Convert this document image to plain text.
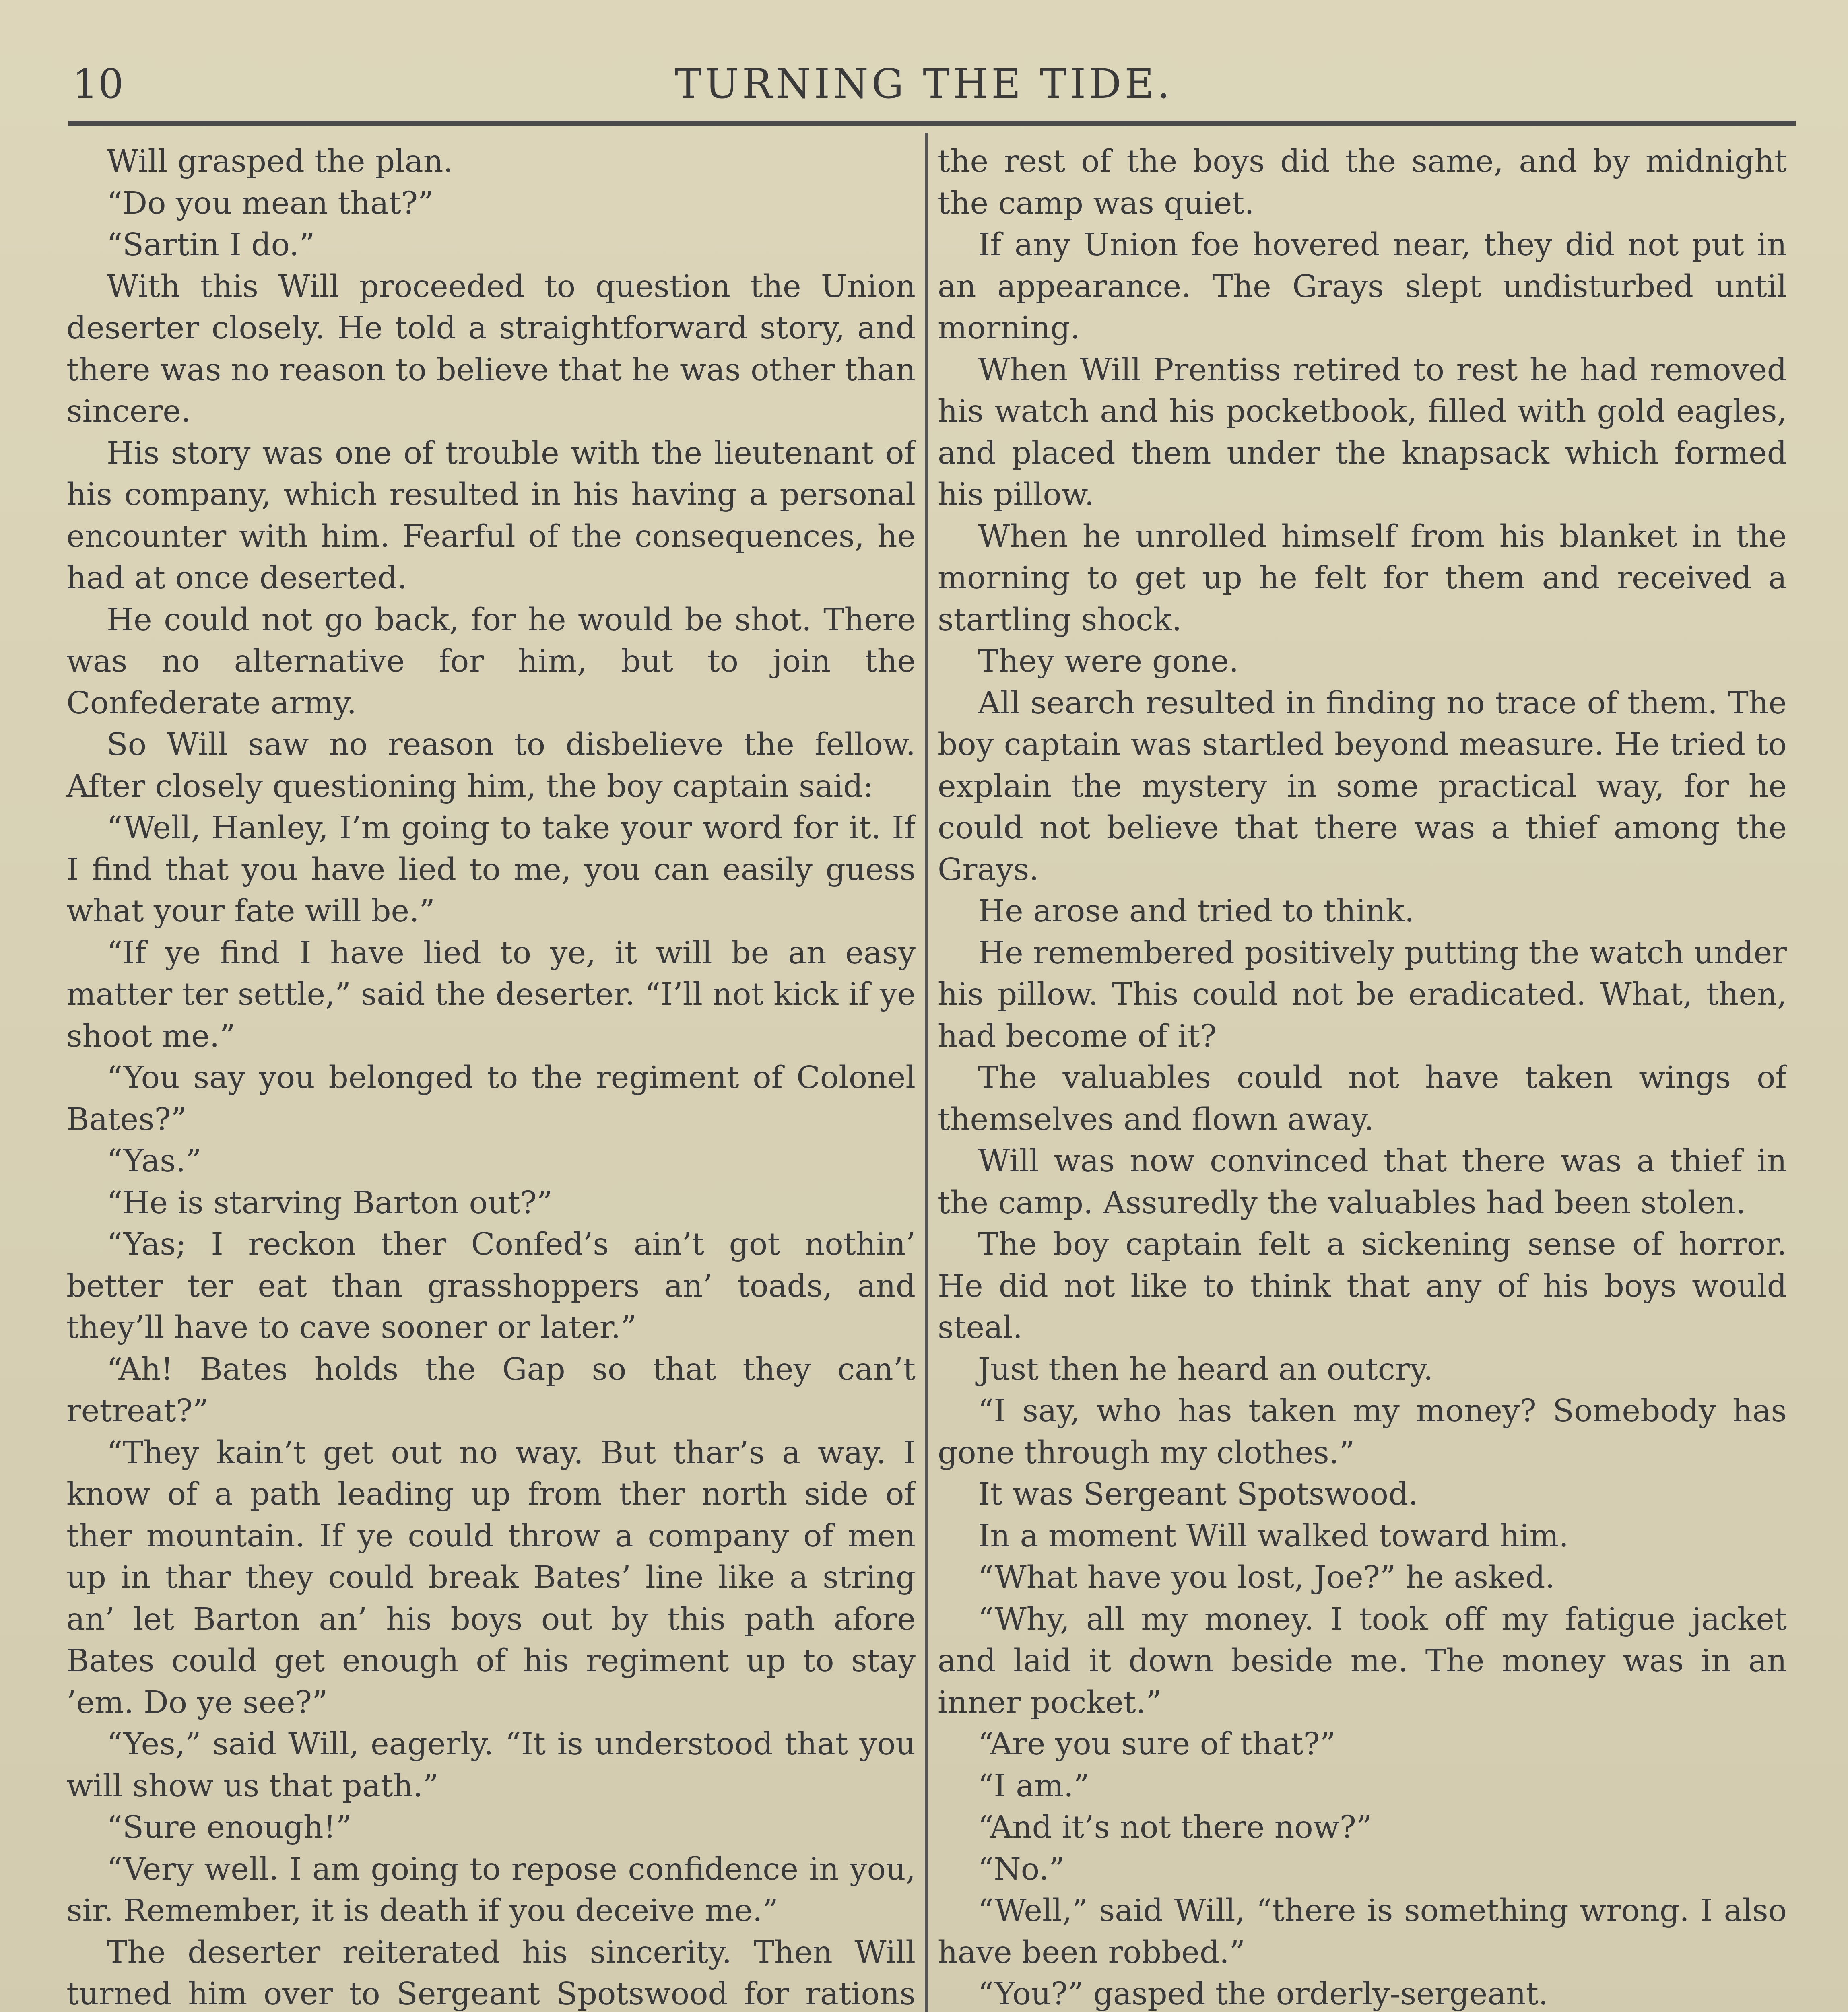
10	TURNING THE TIDE.

Will grasped the plan.

“Do you mean that?”

“Sartin I do.”

With this Will proceeded to question the Union deserter closely. He told a straightforward story, and there was no reason to believe that he was other than sincere.

His story was one of trouble with the lieutenant of his company, which resulted in his having a personal encounter with him. Fearful of the consequences, he had at once deserted.

He could not go back, for he would be shot. There was no alternative for him, but to join the Confederate army.

So Will saw no reason to disbelieve the fellow. After closely questioning him, the boy captain said:

“Well, Hanley, I’m going to take your word for it. If I find that you have lied to me, you can easily guess what your fate will be.”

“If ye find I have lied to ye, it will be an easy matter ter settle,” said the deserter. “I’ll not kick if ye shoot me.”

“You say you belonged to the regiment of Colonel Bates?”

“Yas.”

“He is starving Barton out?”

“Yas; I reckon ther Confed’s ain’t got nothin’ better ter eat than grasshoppers an’ toads, and they’ll have to cave sooner or later.”

“Ah! Bates holds the Gap so that they can’t retreat?”

“They kain’t get out no way. But thar’s a way. I know of a path leading up from ther north side of ther mountain. If ye could throw a company of men up in thar they could break Bates’ line like a string an’ let Barton an’ his boys out by this path afore Bates could get enough of his regiment up to stay ’em. Do ye see?”

“Yes,” said Will, eagerly. “It is understood that you will show us that path.”

“Sure enough!”

“Very well. I am going to repose confidence in you, sir. Remember, it is death if you deceive me.”

The deserter reiterated his sincerity. Then Will turned him over to Sergeant Spotswood for rations

the rest of the boys did the same, and by midnight the camp was quiet.

If any Union foe hovered near, they did not put in an appearance. The Grays slept undisturbed until morning.

When Will Prentiss retired to rest he had removed his watch and his pocketbook, filled with gold eagles, and placed them under the knapsack which formed his pillow.

When he unrolled himself from his blanket in the morning to get up he felt for them and received a startling shock.

They were gone.

All search resulted in finding no trace of them. The boy captain was startled beyond measure. He tried to explain the mystery in some practical way, for he could not believe that there was a thief among the Grays.

He arose and tried to think.

He remembered positively putting the watch under his pillow. This could not be eradicated. What, then, had become of it?

The valuables could not have taken wings of themselves and flown away.

Will was now convinced that there was a thief in the camp. Assuredly the valuables had been stolen.

The boy captain felt a sickening sense of horror. He did not like to think that any of his boys would steal.

Just then he heard an outcry.

“I say, who has taken my money? Somebody has gone through my clothes.”

It was Sergeant Spotswood.

In a moment Will walked toward him.

“What have you lost, Joe?” he asked.

“Why, all my money. I took off my fatigue jacket and laid it down beside me. The money was in an inner pocket.”

“Are you sure of that?”

“I am.”

“And it’s not there now?”

“No.”

“Well,” said Will, “there is something wrong. I also have been robbed.”

“You?” gasped the orderly-sergeant.
